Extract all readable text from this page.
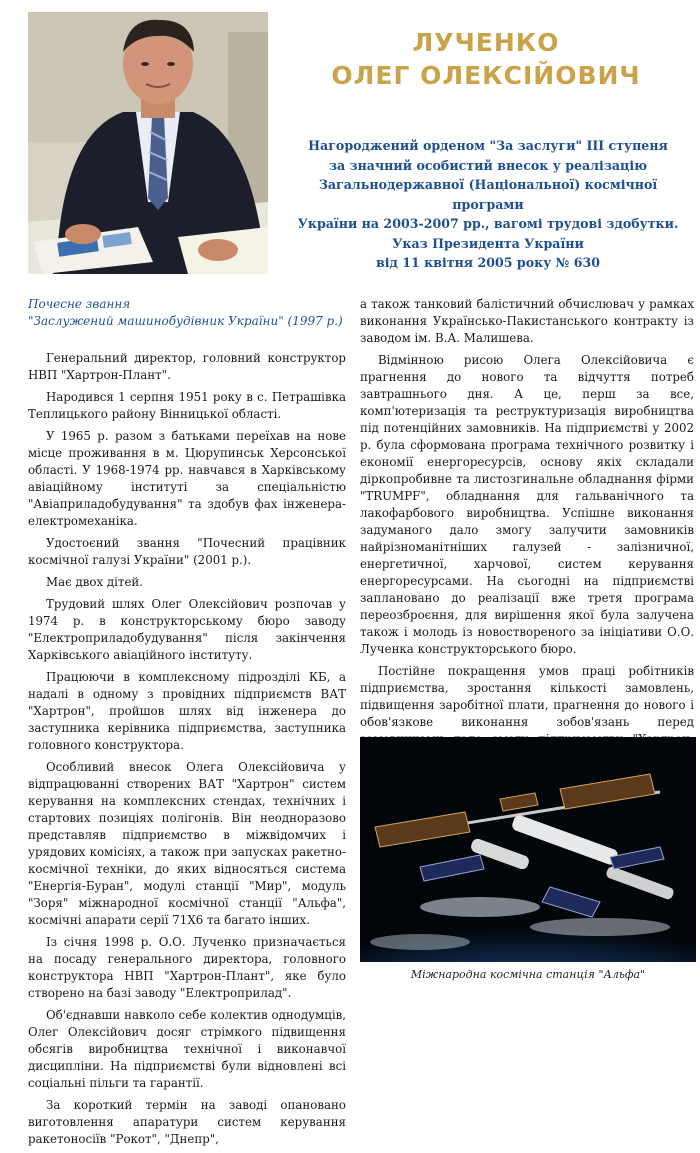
ЛУЧЕНКО
ОЛЕГ ОЛЕКСІЙОВИЧ
Нагороджений орденом "За заслуги" ІІІ ступеня
за значний особистий внесок у реалізацію
Загальнодержавної (Національної) космічної програми
України на 2003-2007 рр., вагомі трудові здобутки.
Указ Президента України
від 11 квітня 2005 року № 630
Почесне звання
"Заслужений машинобудівник України" (1997 р.)

Генеральний директор, головний конструктор НВП "Хартрон-Плант".

Народився 1 серпня 1951 року в с. Петрашівка Теплицького району Вінницької області.

У 1965 р. разом з батьками переїхав на нове місце проживання в м. Цюрупинськ Херсонської області. У 1968-1974 рр. навчався в Харківському авіаційному інституті за спеціальністю "Авіаприладобудування" та здобув фах інженера-електромеханіка.

Удостоєний звання "Почесний працівник космічної галузі України" (2001 р.).

Має двох дітей.

Трудовий шлях Олег Олексійович розпочав у 1974 р. в конструкторському бюро заводу "Електроприладобудування" після закінчення Харківського авіаційного інституту.

Працюючи в комплексному підрозділі КБ, а надалі в одному з провідних підприємств ВАТ "Хартрон", пройшов шлях від інженера до заступника керівника підприємства, заступника головного конструктора.

Особливий внесок Олега Олексійовича у відпрацюванні створених ВАТ "Хартрон" систем керування на комплексних стендах, технічних і стартових позиціях полігонів. Він неодноразово представляв підприємство в міжвідомчих і урядових комісіях, а також при запусках ракетно-космічної техніки, до яких відносяться система "Енергія-Буран", модулі станції "Мир", модуль "Зоря" міжнародної космічної станції "Альфа", космічні апарати серії 71Х6 та багато інших.

Із січня 1998 р. О.О. Лученко призначається на посаду генерального директора, головного конструктора НВП "Хартрон-Плант", яке було створено на базі заводу "Електроприлад".

Об'єднавши навколо себе колектив однодумців, Олег Олексійович досяг стрімкого підвищення обсягів виробництва технічної і виконавчої дисципліни. На підприємстві були відновлені всі соціальні пільги та гарантії.

За короткий термін на заводі опановано виготовлення апаратури систем керування ракетоносіїв "Рокот", "Днепр",

а також танковий балістичний обчислювач у рамках виконання Українсько-Пакистанського контракту із заводом ім. В.А. Малишева.

Відмінною рисою Олега Олексійовича є прагнення до нового та відчуття потреб завтрашнього дня. А це, перш за все, комп'ютеризація та реструктуризація виробництва під потенційних замовників. На підприємстві у 2002 р. була сформована програма технічного розвитку і економії енергоресурсів, основу якіх складали діркопробивне та листозгинальне обладнання фірми "TRUMPF", обладнання для гальванічного та лакофарбового виробництва. Успішне виконання задуманого дало змогу залучити замовників найрізноманітніших галузей - залізничної, енергетичної, харчової, систем керування енергоресурсами. На сьогодні на підприємстві заплановано до реалізації вже третя програма переозброєння, для вирішення якої була залучена також і молодь із новоствореного за ініціативи О.О. Лученка конструкторського бюро.

Постійне покращення умов праці робітників підприємства, зростання кількості замовлень, підвищення заробітної плати, прагнення до нового і обов'язкове виконання зобов'язань перед

Міжнародна космічна станція "Альфа"
